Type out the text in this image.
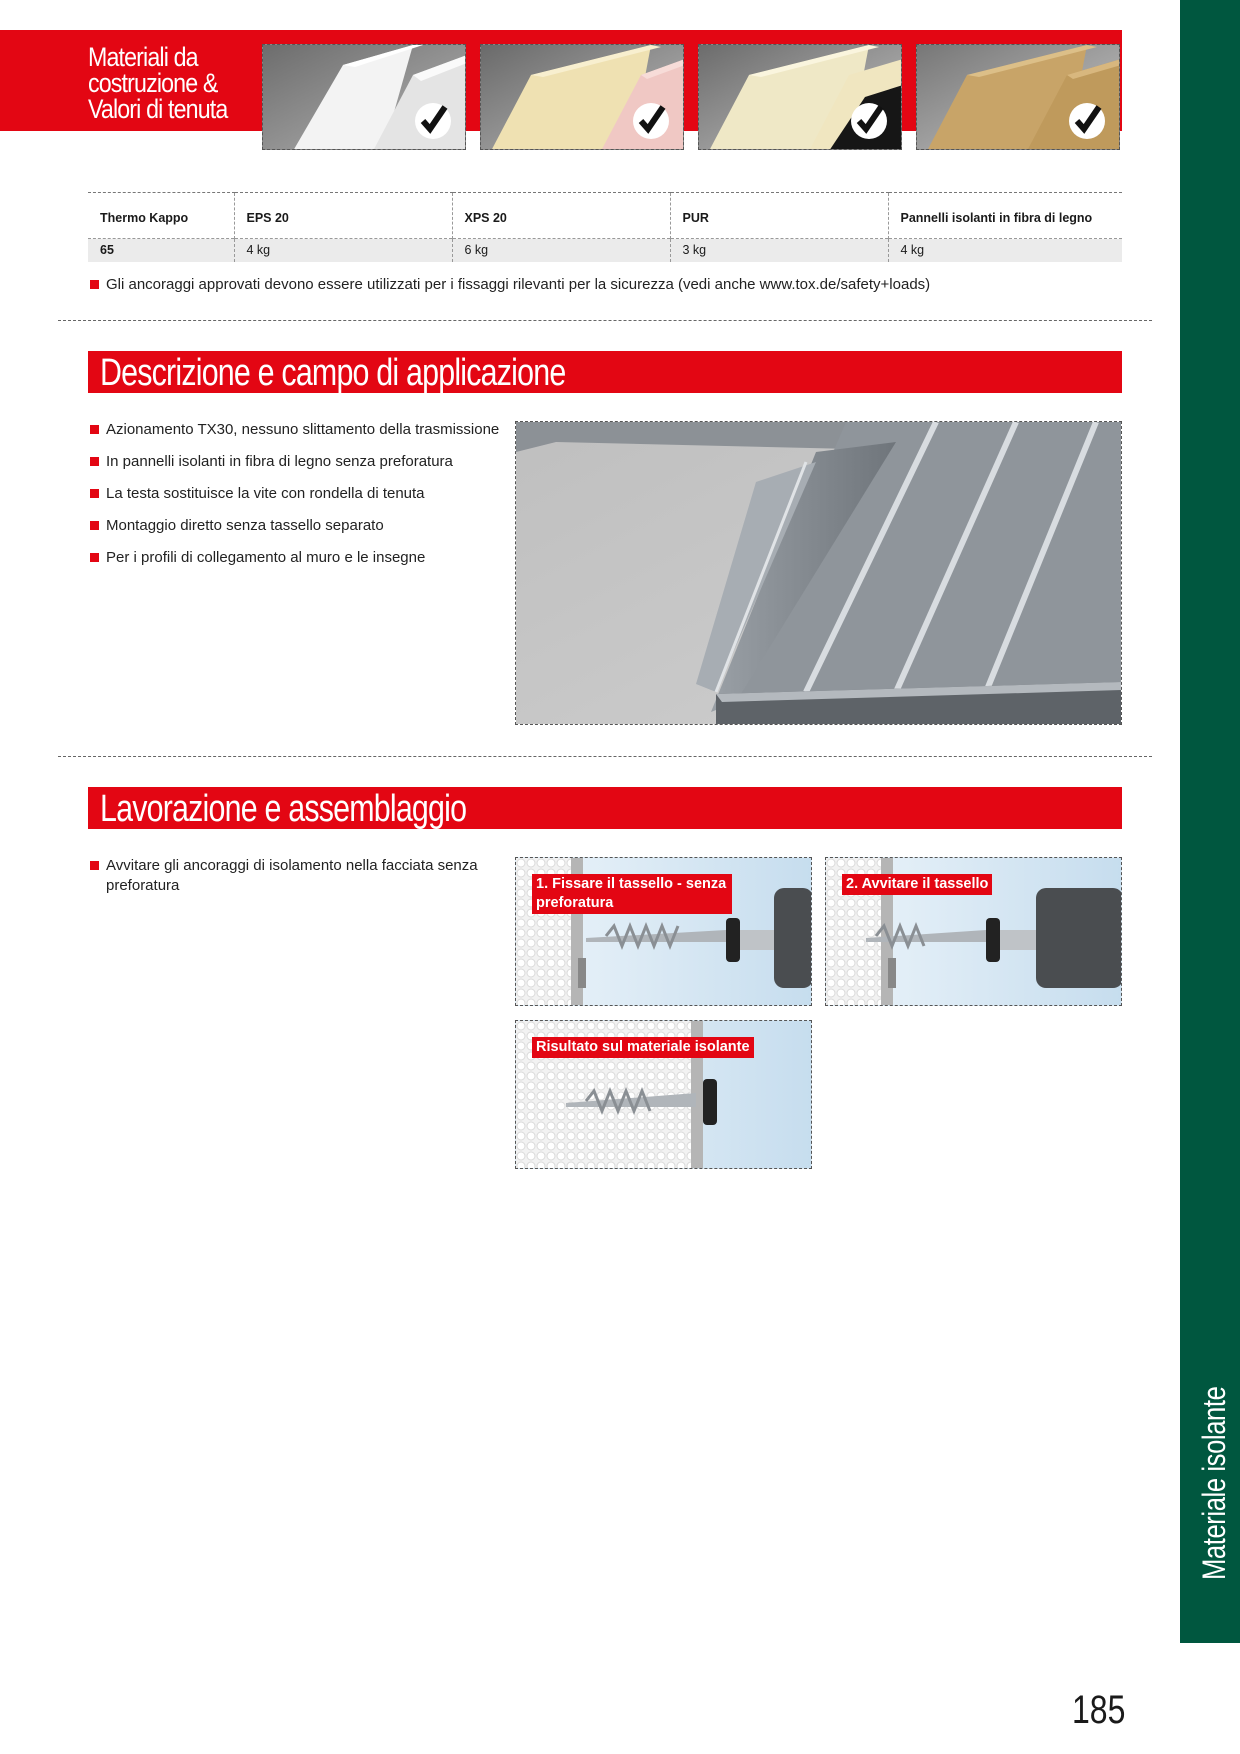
Materiali da
costruzione &
Valori di tenuta
Thermo Kappo	EPS 20	XPS 20	PUR	Pannelli isolanti in fibra di legno
65	4 kg	6 kg	3 kg	4 kg
Gli ancoraggi approvati devono essere utilizzati per i fissaggi rilevanti per la sicurezza (vedi anche www.tox.de/safety+loads)
Descrizione e campo di applicazione
Azionamento TX30, nessuno slittamento della trasmissione
In pannelli isolanti in fibra di legno senza preforatura
La testa sostituisce la vite con rondella di tenuta
Montaggio diretto senza tassello separato
Per i profili di collegamento al muro e le insegne
Lavorazione e assemblaggio
Avvitare gli ancoraggi di isolamento nella facciata senza preforatura	1. Fissare il tassello - senza preforatura
2. Avvitare il tassello
Risultato sul materiale isolante
Materiale isolante
185
